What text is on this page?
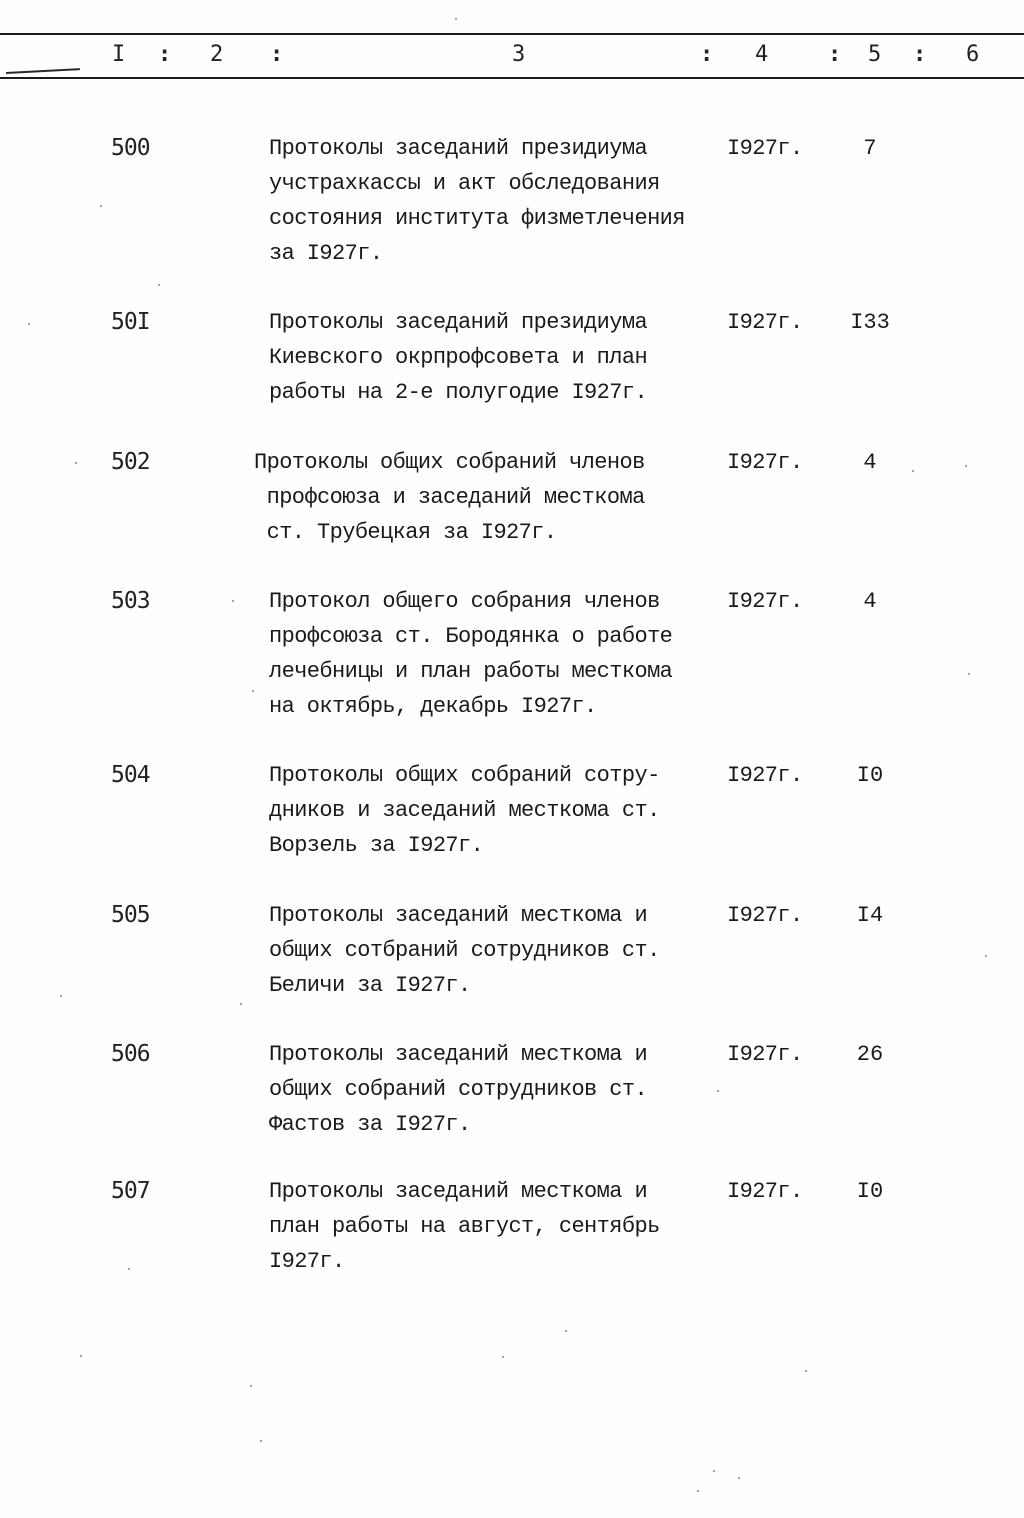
I : 2 :	3	: 4	: 5 : 6
500	Протоколы заседаний президиума
учстрахкассы и акт обследования
состояния института физметлечения
за I927г.
I927г.	7
50I	Протоколы заседаний президиума
Киевского окрпрофсовета и план
работы на 2-е полугодие I927г.
I927г.	I33
502	Протоколы общих собраний членов
профсоюза и заседаний месткома
ст. Трубецкая за I927г.
I927г.	4
503	Протокол общего собрания членов
профсоюза ст. Бородянка о работе
лечебницы и план работы месткома
на октябрь, декабрь I927г.
I927г.	4
504	Протоколы общих собраний сотру-
дников и заседаний месткома ст.
Ворзель за I927г.
I927г.	I0
505	Протоколы заседаний месткома и
общих сотбраний сотрудников ст.
Беличи за I927г.
I927г.	I4
506	Протоколы заседаний месткома и
общих собраний сотрудников ст.
Фастов за I927г.
I927г.	26
507	Протоколы заседаний месткома и
план работы на август, сентябрь
I927г.
I927г.	I0
